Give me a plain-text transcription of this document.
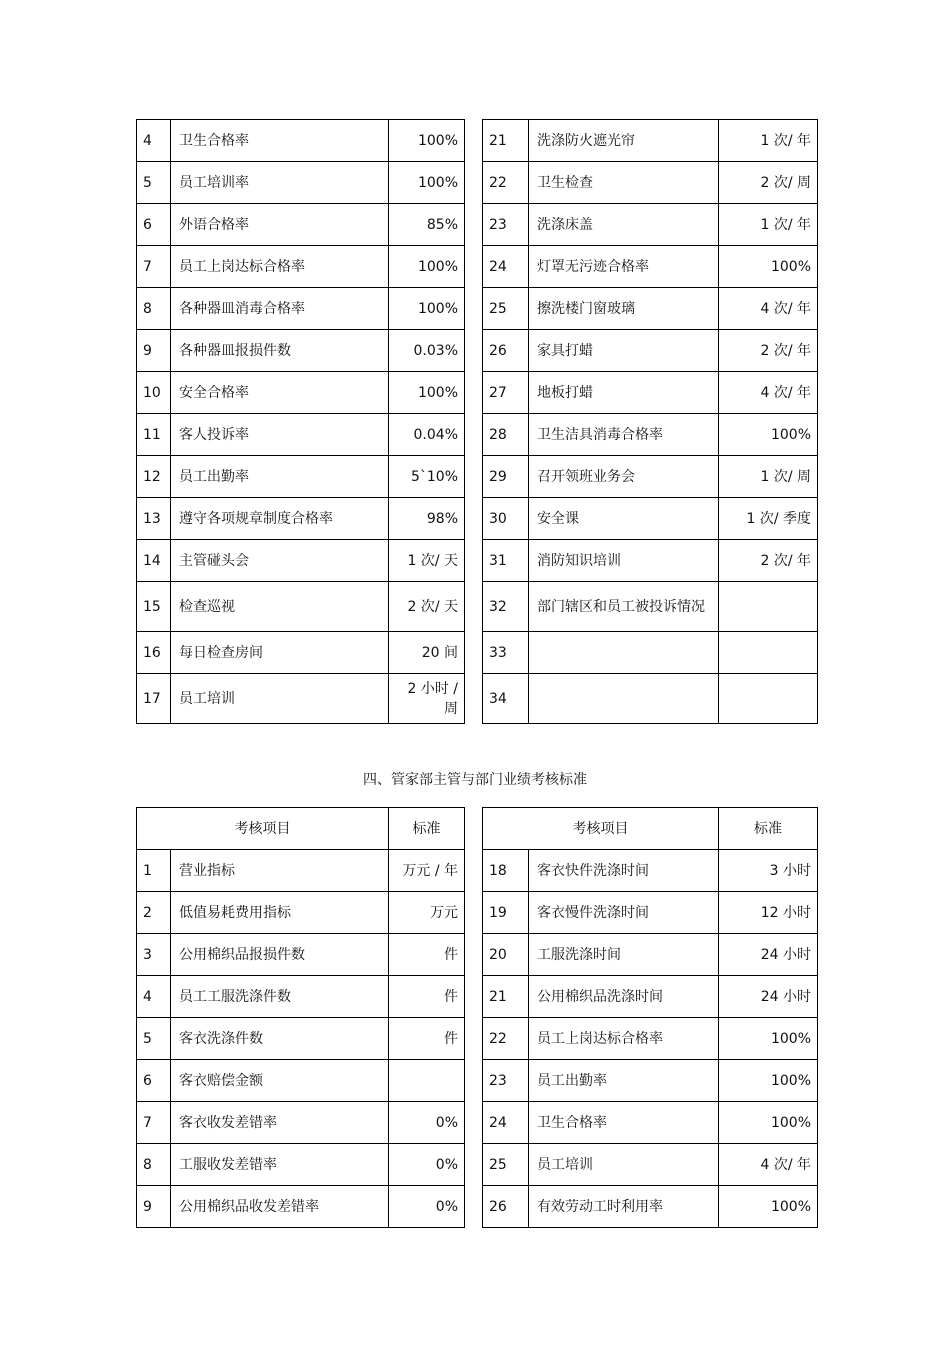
4	卫生合格率	100%		21	洗涤防火遮光帘	1 次/ 年
5	员工培训率	100%		22	卫生检查	2 次/ 周
6	外语合格率	85%		23	洗涤床盖	1 次/ 年
7	员工上岗达标合格率	100%		24	灯罩无污迹合格率	100%
8	各种器皿消毒合格率	100%		25	擦洗楼门窗玻璃	4 次/ 年
9	各种器皿报损件数	0.03%		26	家具打蜡	2 次/ 年
10	安全合格率	100%		27	地板打蜡	4 次/ 年
11	客人投诉率	0.04%		28	卫生洁具消毒合格率	100%
12	员工出勤率	5`10%		29	召开领班业务会	1 次/ 周
13	遵守各项规章制度合格率	98%		30	安全课	1 次/ 季度
14	主管碰头会	1 次/ 天		31	消防知识培训	2 次/ 年
15	检查巡视	2 次/ 天		32	部门辖区和员工被投诉情况	
16	每日检查房间	20 间		33		
17	员工培训	2 小时 / 周		34		
四、管家部主管与部门业绩考核标准
考核项目		标准		考核项目		标准
1	营业指标	万元 / 年		18	客衣快件洗涤时间	3 小时
2	低值易耗费用指标	万元		19	客衣慢件洗涤时间	12 小时
3	公用棉织品报损件数	件		20	工服洗涤时间	24 小时
4	员工工服洗涤件数	件		21	公用棉织品洗涤时间	24 小时
5	客衣洗涤件数	件		22	员工上岗达标合格率	100%
6	客衣赔偿金额			23	员工出勤率	100%
7	客衣收发差错率	0%		24	卫生合格率	100%
8	工服收发差错率	0%		25	员工培训	4 次/ 年
9	公用棉织品收发差错率	0%		26	有效劳动工时利用率	100%
